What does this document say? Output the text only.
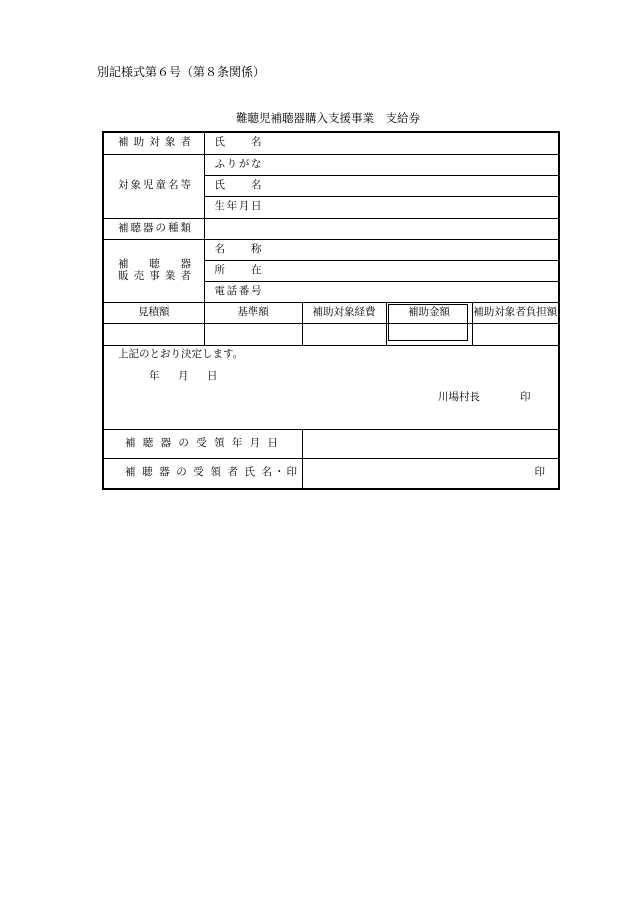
別記様式第６号（第８条関係）
難聴児補聴器購入支援事業　支給券
補 助 対 象 者	氏　　名			
対象児童名等	ふりがな			
	氏　　名			
	生年月日			
補聴器の種類				

補　聴　器
販 売 事 業 者	名　　称			
	所　　在			
	電話番号			
見積額	基準額	補助対象経費	補助金額	補助対象者負担額

上記のとおり決定します。
年　月　日
川場村長 印				

補 聴 器 の 受 領 年 月 日				
補 聴 器 の 受 領 者 氏 名・印		印		
